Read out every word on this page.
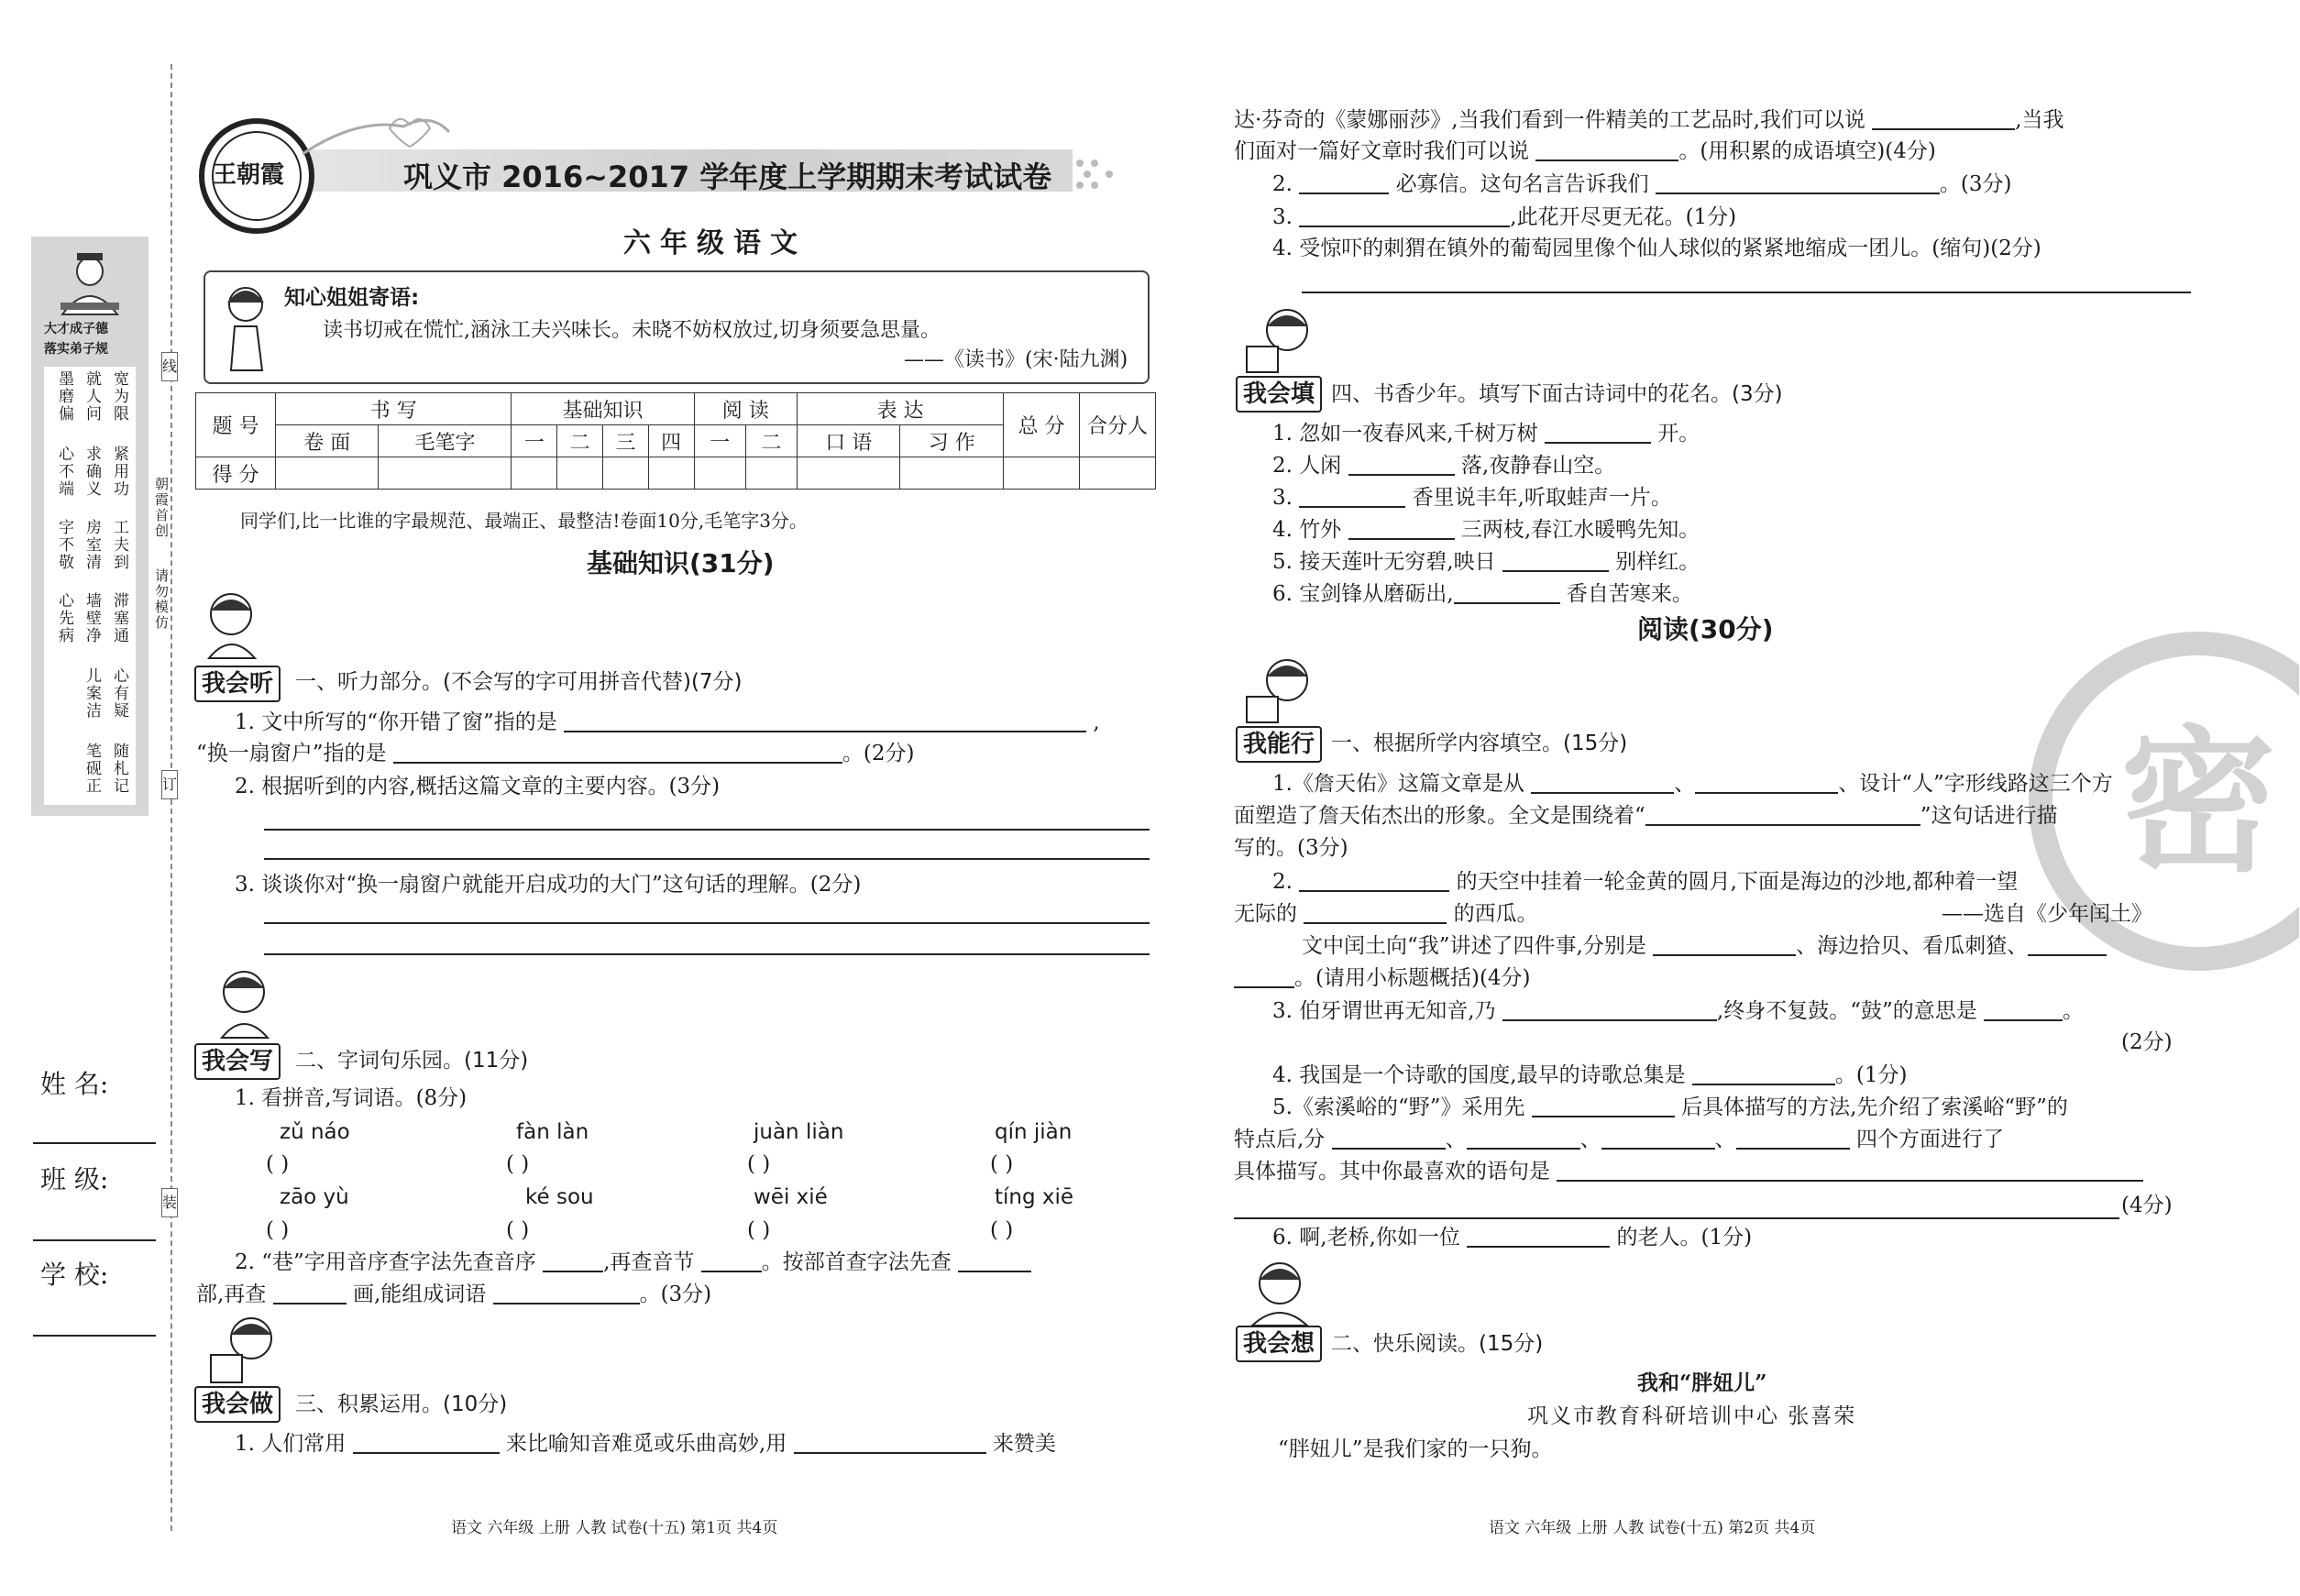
大才成子德
落实弟子规
宽为限
就人问
墨磨偏
紧用功
求确义
心不端
工夫到
房室清
字不敬
滞塞通
墙壁净
心先病
心有疑
儿案洁
随札记
笔砚正
朝霞首创
请勿模仿
线
订
装
姓 名:
班 级:
学 校:
王朝霞	巩义市 2016~2017 学年度上学期期末考试试卷
六年级语文
知心姐姐寄语:
读书切戒在慌忙,涵泳工夫兴味长。未晓不妨权放过,切身须要急思量。
——《读书》(宋·陆九渊)
题 号	书 写		基础知识				阅 读		表 达		总 分	合分人
	卷 面	毛笔字	一	二	三	四	一	二	口 语	习 作		
得 分												
同学们,比一比谁的字最规范、最端正、最整洁!卷面10分,毛笔字3分。
基础知识(31分)
我会听	一、听力部分。(不会写的字可用拼音代替)(7分)
1. 文中所写的“你开错了窗”指的是	,
“换一扇窗户”指的是	。(2分)
2. 根据听到的内容,概括这篇文章的主要内容。(3分)
3. 谈谈你对“换一扇窗户就能开启成功的大门”这句话的理解。(2分)
我会写	二、字词句乐园。(11分)
1. 看拼音,写词语。(8分)
zǔ náo	fàn làn	juàn liàn	qín jiàn
( )	( )	( )	( )
zāo yù	ké sou	wēi xié	tíng xiē
( )	( )	( )	( )
2. “巷”字用音序查字法先查音序	,再查音节	。按部首查字法先查
部,再查	画,能组成词语	。(3分)
我会做	三、积累运用。(10分)
1. 人们常用	来比喻知音难觅或乐曲高妙,用	来赞美
语文 六年级 上册 人教 试卷(十五) 第1页 共4页
密
达·芬奇的《蒙娜丽莎》,当我们看到一件精美的工艺品时,我们可以说	,当我
们面对一篇好文章时我们可以说	。(用积累的成语填空)(4分)
2.	必寡信。这句名言告诉我们	。(3分)
3.	,此花开尽更无花。(1分)
4. 受惊吓的刺猬在镇外的葡萄园里像个仙人球似的紧紧地缩成一团儿。(缩句)(2分)
我会填 四、书香少年。填写下面古诗词中的花名。(3分)
1. 忽如一夜春风来,千树万树	开。
2. 人闲	落,夜静春山空。
3.	香里说丰年,听取蛙声一片。
4. 竹外	三两枝,春江水暖鸭先知。
5. 接天莲叶无穷碧,映日	别样红。
6. 宝剑锋从磨砺出,	香自苦寒来。
阅读(30分)
我能行 一、根据所学内容填空。(15分)
1.《詹天佑》这篇文章是从	、	、设计“人”字形线路这三个方
面塑造了詹天佑杰出的形象。全文是围绕着“	”这句话进行描
写的。(3分)
2.	的天空中挂着一轮金黄的圆月,下面是海边的沙地,都种着一望
无际的	的西瓜。	——选自《少年闰土》
文中闰土向“我”讲述了四件事,分别是	、海边拾贝、看瓜刺猹、
。(请用小标题概括)(4分)
3. 伯牙谓世再无知音,乃	,终身不复鼓。“鼓”的意思是	。
(2分)
4. 我国是一个诗歌的国度,最早的诗歌总集是	。(1分)
5.《索溪峪的“野”》采用先	后具体描写的方法,先介绍了索溪峪“野”的
特点后,分	、	、	、	四个方面进行了
具体描写。其中你最喜欢的语句是
(4分)
6. 啊,老桥,你如一位	的老人。(1分)
我会想 二、快乐阅读。(15分)
我和“胖妞儿”
巩义市教育科研培训中心 张喜荣
“胖妞儿”是我们家的一只狗。
语文 六年级 上册 人教 试卷(十五) 第2页 共4页
